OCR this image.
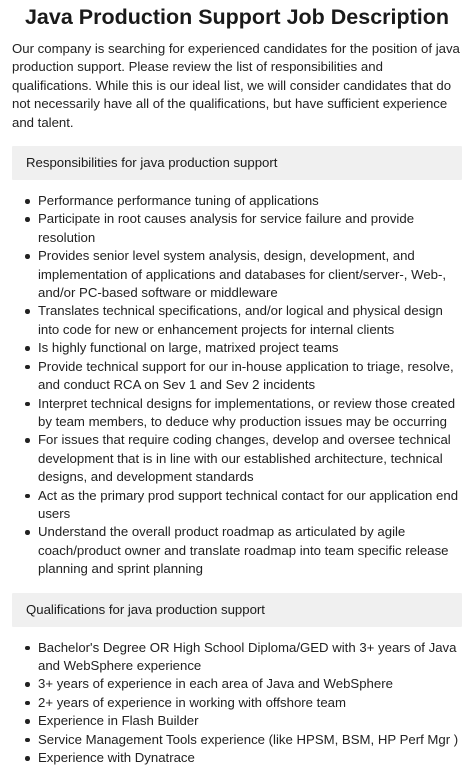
Java Production Support Job Description

Our company is searching for experienced candidates for the position of java production support. Please review the list of responsibilities and qualifications. While this is our ideal list, we will consider candidates that do not necessarily have all of the qualifications, but have sufficient experience and talent.

Responsibilities for java production support
Performance performance tuning of applications
Participate in root causes analysis for service failure and provide resolution
Provides senior level system analysis, design, development, and implementation of applications and databases for client/server-, Web-, and/or PC-based software or middleware
Translates technical specifications, and/or logical and physical design into code for new or enhancement projects for internal clients
Is highly functional on large, matrixed project teams
Provide technical support for our in-house application to triage, resolve, and conduct RCA on Sev 1 and Sev 2 incidents
Interpret technical designs for implementations, or review those created by team members, to deduce why production issues may be occurring
For issues that require coding changes, develop and oversee technical development that is in line with our established architecture, technical designs, and development standards
Act as the primary prod support technical contact for our application end users
Understand the overall product roadmap as articulated by agile coach/product owner and translate roadmap into team specific release planning and sprint planning
Qualifications for java production support
Bachelor's Degree OR High School Diploma/GED with 3+ years of Java and WebSphere experience
3+ years of experience in each area of Java and WebSphere
2+ years of experience in working with offshore team
Experience in Flash Builder
Service Management Tools experience (like HPSM, BSM, HP Perf Mgr )
Experience with Dynatrace
